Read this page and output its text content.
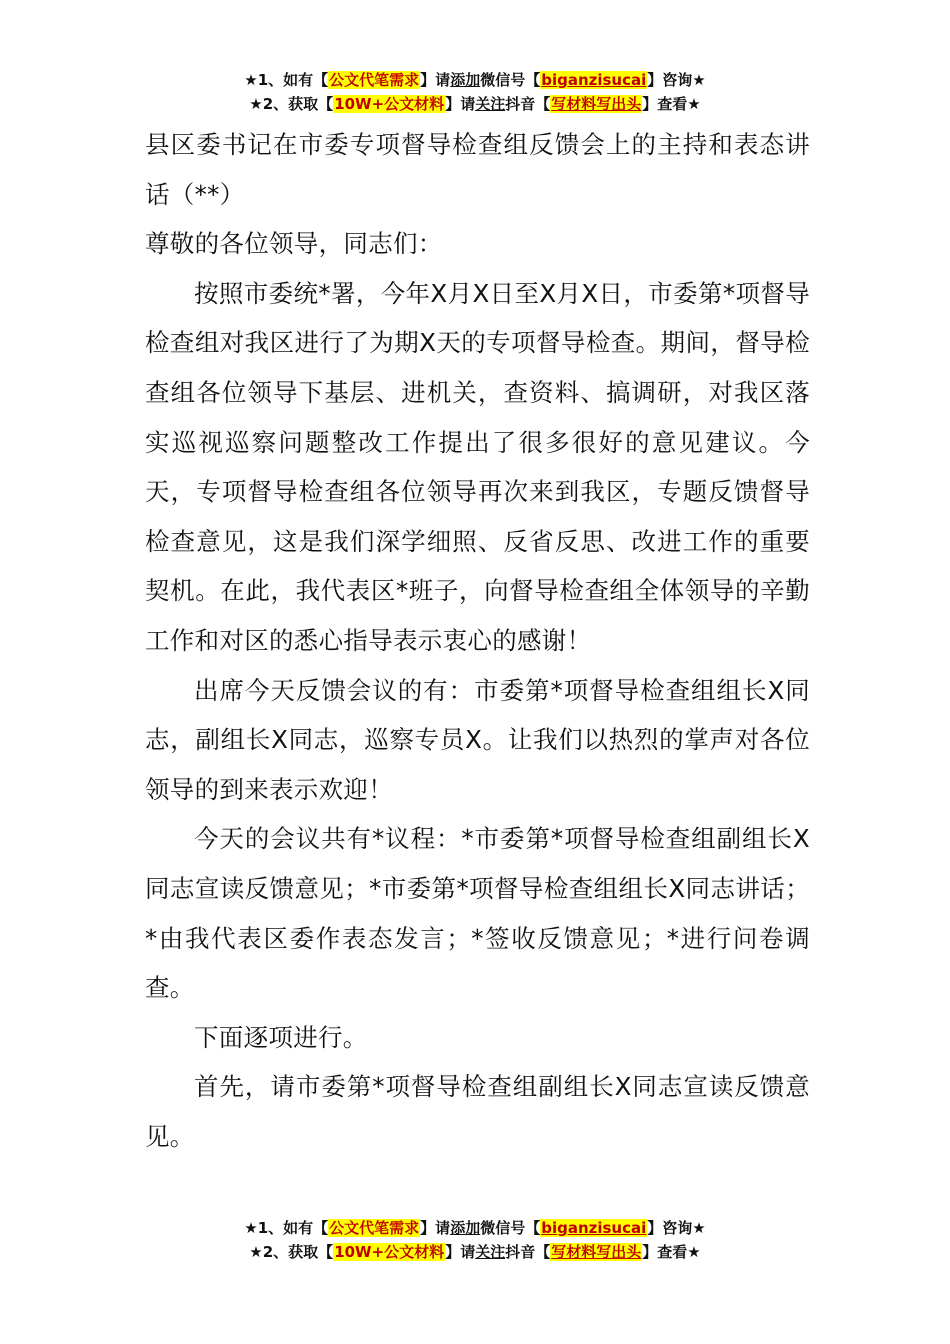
★1、如有【公文代笔需求】请添加微信号【biganzisucai】咨询★
★2、获取【10W+公文材料】请关注抖音【写材料写出头】查看★

县区委书记在市委专项督导检查组反馈会上的主持和表态讲话（**）

尊敬的各位领导，同志们：

按照市委统*署，今年X月X日至X月X日，市委第*项督导检查组对我区进行了为期X天的专项督导检查。期间，督导检查组各位领导下基层、进机关，查资料、搞调研，对我区落实巡视巡察问题整改工作提出了很多很好的意见建议。今天，专项督导检查组各位领导再次来到我区，专题反馈督导检查意见，这是我们深学细照、反省反思、改进工作的重要契机。在此，我代表区*班子，向督导检查组全体领导的辛勤工作和对区的悉心指导表示衷心的感谢！

出席今天反馈会议的有：市委第*项督导检查组组长X同志，副组长X同志，巡察专员X。让我们以热烈的掌声对各位领导的到来表示欢迎！

今天的会议共有*议程：*市委第*项督导检查组副组长X同志宣读反馈意见；*市委第*项督导检查组组长X同志讲话；*由我代表区委作表态发言；*签收反馈意见；*进行问卷调查。

下面逐项进行。

首先，请市委第*项督导检查组副组长X同志宣读反馈意见。

★1、如有【公文代笔需求】请添加微信号【biganzisucai】咨询★
★2、获取【10W+公文材料】请关注抖音【写材料写出头】查看★
